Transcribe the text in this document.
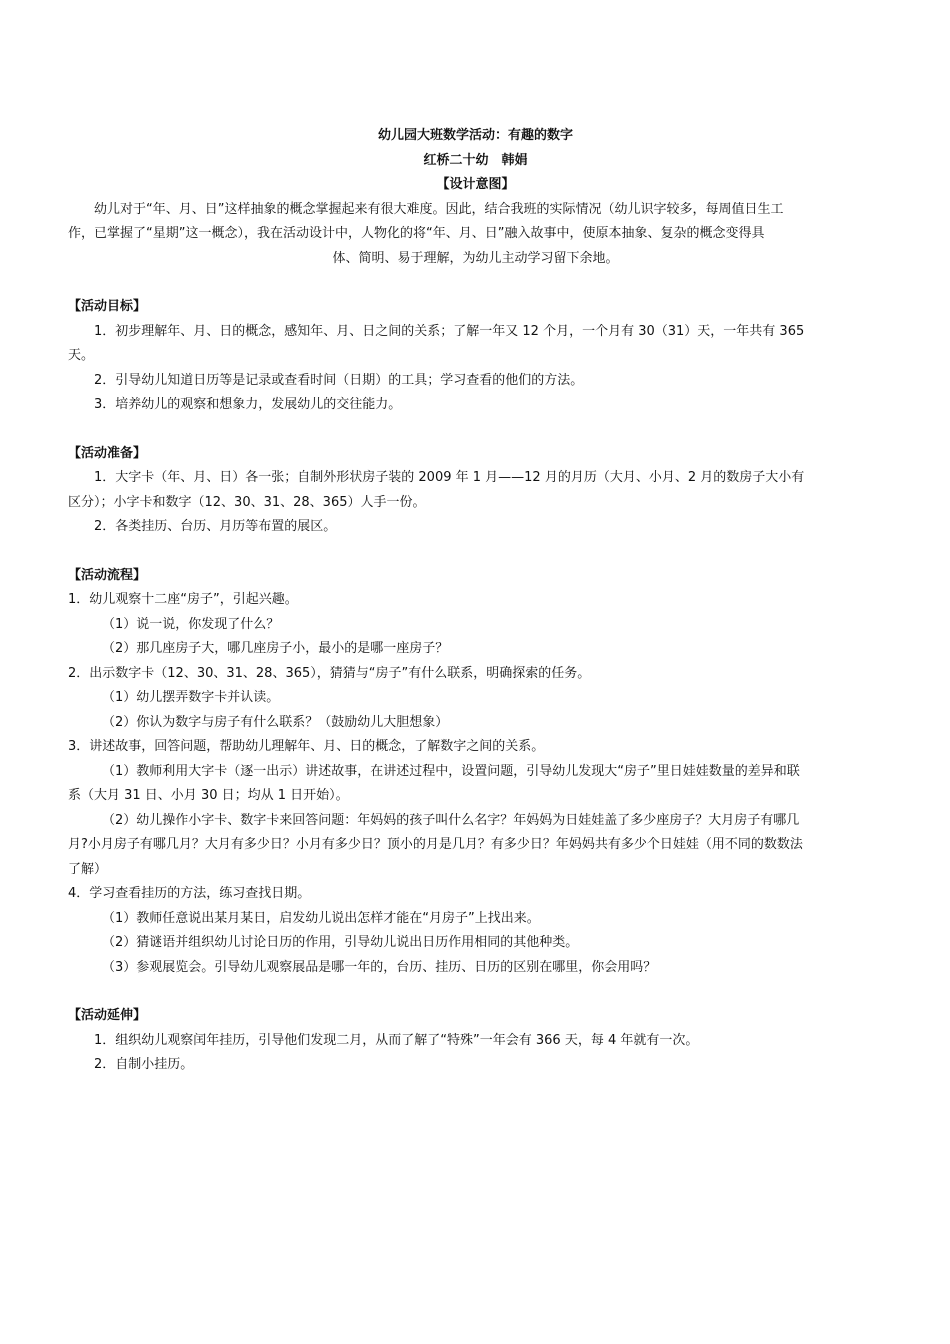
幼儿园大班数学活动：有趣的数字

红桥二十幼　韩娟

【设计意图】

幼儿对于“年、月、日”这样抽象的概念掌握起来有很大难度。因此，结合我班的实际情况（幼儿识字较多，每周值日生工
作，已掌握了“星期”这一概念），我在活动设计中，人物化的将“年、月、日”融入故事中，使原本抽象、复杂的概念变得具
体、简明、易于理解，为幼儿主动学习留下余地。

【活动目标】

1．初步理解年、月、日的概念，感知年、月、日之间的关系；了解一年又 12 个月，一个月有 30（31）天，一年共有 365

天。

2．引导幼儿知道日历等是记录或查看时间（日期）的工具；学习查看的他们的方法。

3．培养幼儿的观察和想象力，发展幼儿的交往能力。

【活动准备】

1．大字卡（年、月、日）各一张；自制外形状房子装的 2009 年 1 月——12 月的月历（大月、小月、2 月的数房子大小有

区分）；小字卡和数字（12、30、31、28、365）人手一份。

2．各类挂历、台历、月历等布置的展区。

【活动流程】

1．幼儿观察十二座“房子”，引起兴趣。

（1）说一说，你发现了什么？

（2）那几座房子大，哪几座房子小，最小的是哪一座房子？

2．出示数字卡（12、30、31、28、365），猜猜与“房子”有什么联系，明确探索的任务。

（1）幼儿摆弄数字卡并认读。

（2）你认为数字与房子有什么联系？（鼓励幼儿大胆想象）

3．讲述故事，回答问题，帮助幼儿理解年、月、日的概念，了解数字之间的关系。

（1）教师利用大字卡（逐一出示）讲述故事，在讲述过程中，设置问题，引导幼儿发现大“房子”里日娃娃数量的差异和联

系（大月 31 日、小月 30 日；均从 1 日开始）。

（2）幼儿操作小字卡、数字卡来回答问题：年妈妈的孩子叫什么名字？年妈妈为日娃娃盖了多少座房子？大月房子有哪几

月?小月房子有哪几月？大月有多少日？小月有多少日？顶小的月是几月？有多少日？年妈妈共有多少个日娃娃（用不同的数数法

了解）

4．学习查看挂历的方法，练习查找日期。

（1）教师任意说出某月某日，启发幼儿说出怎样才能在“月房子”上找出来。

（2）猜谜语并组织幼儿讨论日历的作用，引导幼儿说出日历作用相同的其他种类。

（3）参观展览会。引导幼儿观察展品是哪一年的，台历、挂历、日历的区别在哪里，你会用吗？

【活动延伸】

1．组织幼儿观察闰年挂历，引导他们发现二月，从而了解了“特殊”一年会有 366 天，每 4 年就有一次。

2．自制小挂历。
